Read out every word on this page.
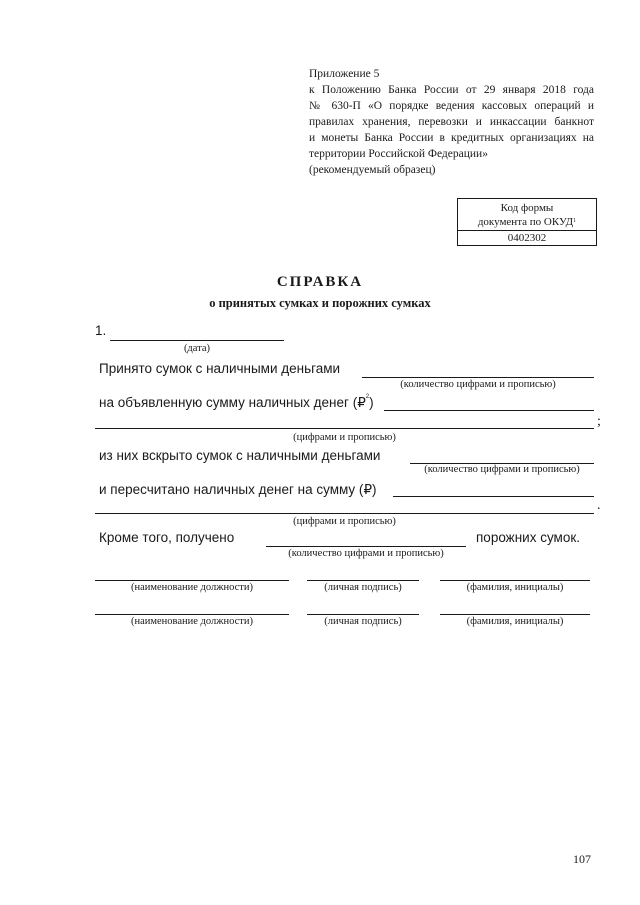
Приложение 5
к Положению Банка России от 29 января 2018 года
№ 630-П «О порядке ведения кассовых операций и
правилах хранения, перевозки и инкассации банкнот
и монеты Банка России в кредитных организациях на
территории Российской Федерации»
(рекомендуемый образец)
Код формы
документа по ОКУД$^1$
0402302
СПРАВКА
о принятых сумках и порожних сумках
1.
(дата)
Принято сумок с наличными деньгами
(количество цифрами и прописью)
на объявленную сумму наличных денег (₽$^2$)
;
(цифрами и прописью)
из них вскрыто сумок с наличными деньгами
(количество цифрами и прописью)
и пересчитано наличных денег на сумму (₽)
.
(цифрами и прописью)
Кроме того, получено
(количество цифрами и прописью)
порожних сумок.
(наименование должности)	(личная подпись)	(фамилия, инициалы)
(наименование должности)	(личная подпись)	(фамилия, инициалы)
107
